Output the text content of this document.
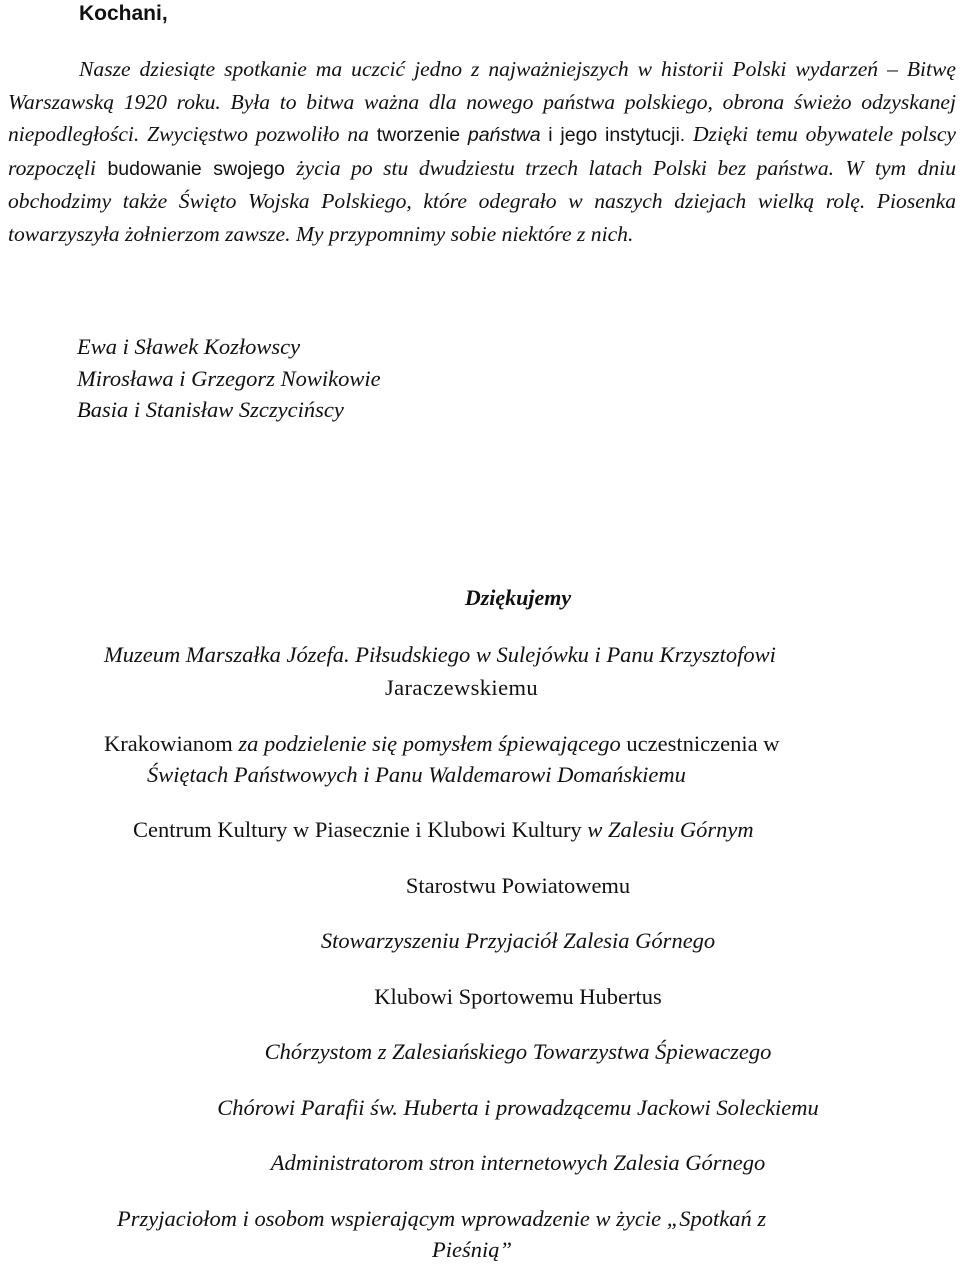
Kochani,

Nasze dziesiąte spotkanie ma uczcić jedno z najważniejszych w historii Polski wydarzeń – Bitwę Warszawską 1920 roku. Była to bitwa ważna dla nowego państwa polskiego, obrona świeżo odzyskanej niepodległości. Zwycięstwo pozwoliło na tworzenie państwa i jego instytucji. Dzięki temu obywatele polscy rozpoczęli budowanie swojego życia po stu dwudziestu trzech latach Polski bez państwa. W tym dniu obchodzimy także Święto Wojska Polskiego, które odegrało w naszych dziejach wielką rolę. Piosenka towarzyszyła żołnierzom zawsze. My przypomnimy sobie niektóre z nich.

Ewa i Sławek Kozłowscy
Mirosława i Grzegorz Nowikowie
Basia i Stanisław Szczycińscy

Dziękujemy

Muzeum Marszałka Józefa. Piłsudskiego w Sulejówku i Panu Krzysztofowi

Jaraczewskiemu

Krakowianom za podzielenie się pomysłem śpiewającego uczestniczenia w

Świętach Państwowych i Panu Waldemarowi Domańskiemu

Centrum Kultury w Piasecznie i Klubowi Kultury w Zalesiu Górnym

Starostwu Powiatowemu

Stowarzyszeniu Przyjaciół Zalesia Górnego

Klubowi Sportowemu Hubertus

Chórzystom z Zalesiańskiego Towarzystwa Śpiewaczego

Chórowi Parafii św. Huberta i prowadzącemu Jackowi Soleckiemu

Administratorom stron internetowych Zalesia Górnego

Przyjaciołom i osobom wspierającym wprowadzenie w życie „Spotkań z

Pieśnią”
